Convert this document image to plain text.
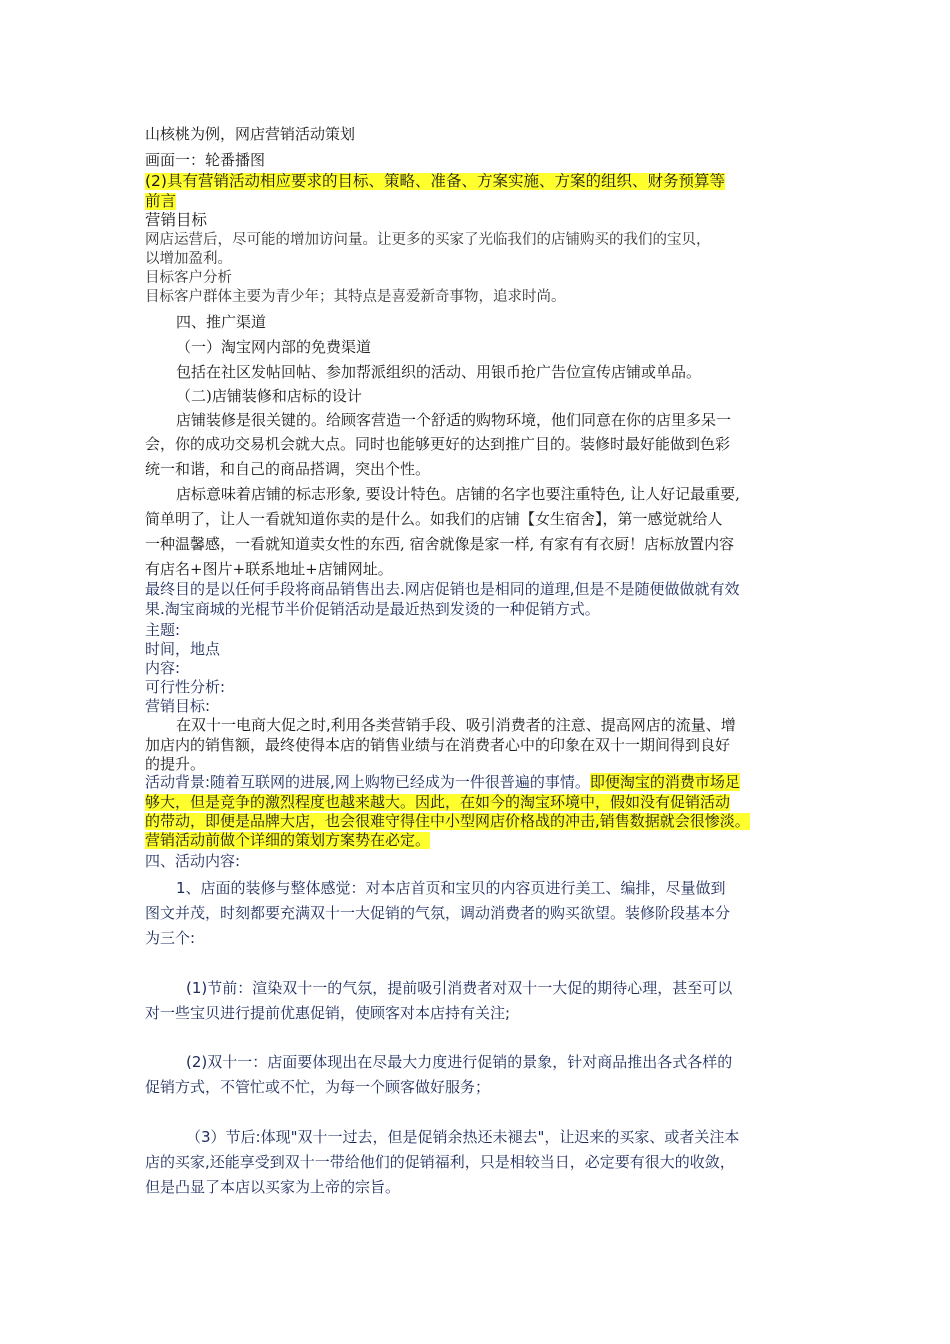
山核桃为例，网店营销活动策划
画面一：轮番播图
(2)具有营销活动相应要求的目标、策略、准备、方案实施、方案的组织、财务预算等
前言
营销目标
网店运营后，尽可能的增加访问量。让更多的买家了光临我们的店铺购买的我们的宝贝，
以增加盈利。
目标客户分析
目标客户群体主要为青少年；其特点是喜爱新奇事物，追求时尚。
四、推广渠道
（一）淘宝网内部的免费渠道
包括在社区发帖回帖、参加帮派组织的活动、用银币抢广告位宣传店铺或单品。
（二)店铺装修和店标的设计
店铺装修是很关键的。给顾客营造一个舒适的购物环境，他们同意在你的店里多呆一
会，你的成功交易机会就大点。同时也能够更好的达到推广目的。装修时最好能做到色彩
统一和谐，和自己的商品搭调，突出个性。
店标意味着店铺的标志形象, 要设计特色。店铺的名字也要注重特色, 让人好记最重要,
简单明了，让人一看就知道你卖的是什么。如我们的店铺【女生宿舍】，第一感觉就给人
一种温馨感，一看就知道卖女性的东西, 宿舍就像是家一样, 有家有有衣厨！店标放置内容
有店名+图片+联系地址+店铺网址。
最终目的是以任何手段将商品销售出去.网店促销也是相同的道理,但是不是随便做做就有效
果.淘宝商城的光棍节半价促销活动是最近热到发烫的一种促销方式。
主题:
时间，地点
内容:
可行性分析:
营销目标:
在双十一电商大促之时,利用各类营销手段、吸引消费者的注意、提高网店的流量、增
加店内的销售额，最终使得本店的销售业绩与在消费者心中的印象在双十一期间得到良好
的提升。
活动背景:随着互联网的进展,网上购物已经成为一件很普遍的事情。即便淘宝的消费市场足
够大，但是竞争的激烈程度也越来越大。因此，在如今的淘宝环境中，假如没有促销活动
的带动，即便是品牌大店，也会很难守得住中小型网店价格战的冲击,销售数据就会很惨淡。
营销活动前做个详细的策划方案势在必定。
四、活动内容:
1、店面的装修与整体感觉：对本店首页和宝贝的内容页进行美工、编排，尽量做到
图文并茂，时刻都要充满双十一大促销的气氛，调动消费者的购买欲望。装修阶段基本分
为三个:
(1)节前：渲染双十一的气氛，提前吸引消费者对双十一大促的期待心理，甚至可以
对一些宝贝进行提前优惠促销，使顾客对本店持有关注;
(2)双十一：店面要体现出在尽最大力度进行促销的景象，针对商品推出各式各样的
促销方式，不管忙或不忙，为每一个顾客做好服务；
（3）节后:体现"双十一过去，但是促销余热还未褪去"，让迟来的买家、或者关注本
店的买家,还能享受到双十一带给他们的促销福利，只是相较当日，必定要有很大的收敛，
但是凸显了本店以买家为上帝的宗旨。
